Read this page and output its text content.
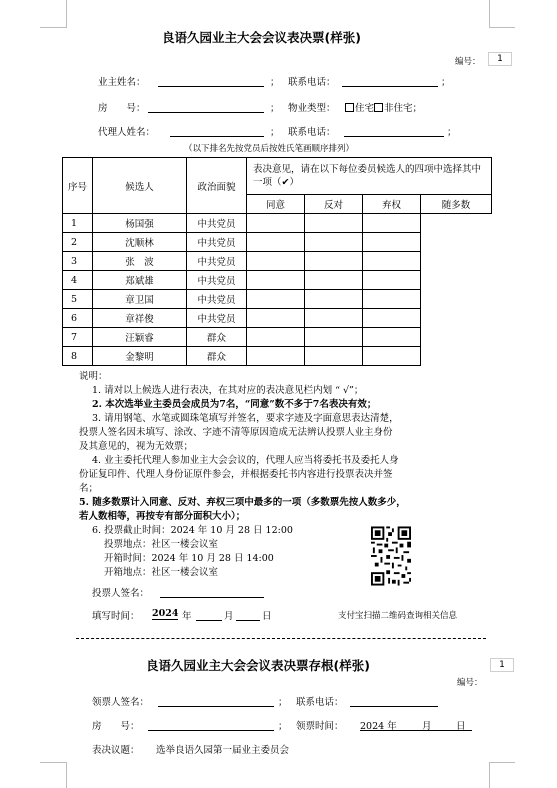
良语久园业主大会会议表决票(样张)
编号：	1
业主姓名：	； 联系电话：	；
房　　号：	； 物业类型：	住宅 非住宅；
代理人姓名：	； 联系电话：	；
（以下排名先按党员后按姓氏笔画顺序排列）
序号	候选人	政治面貌	表决意见，请在以下每位委员候选人的四项中选择其中一项（✔）			
			同意	反对	弃权	随多数
1	杨国强	中共党员				
2	沈顺林	中共党员				
3	张　波	中共党员				
4	郑斌雄	中共党员				
5	章卫国	中共党员				
6	章祥俊	中共党员				
7	汪颖睿	群众				
8	金黎明	群众				
说明：
1. 请对以上候选人进行表决，在其对应的表决意见栏内划 “ √”；
2. 本次选举业主委员会成员为7名，“同意”数不多于7名表决有效；
3. 请用钢笔、水笔或圆珠笔填写并签名，要求字迹及字面意思表达清楚，
投票人签名因未填写、涂改、字迹不清等原因造成无法辨认投票人业主身份
及其意见的，视为无效票；
4. 业主委托代理人参加业主大会会议的，代理人应当将委托书及委托人身
份证复印件、代理人身份证原件参会，并根据委托书内容进行投票表决并签
名；
5. 随多数票计入同意、反对、弃权三项中最多的一项（多数票先按人数多少，
若人数相等，再按专有部分面积大小）；
6. 投票截止时间：2024 年 10 月 28 日 12:00
投票地点：社区一楼会议室
开箱时间：2024 年 10 月 28 日 14:00
开箱地点：社区一楼会议室
投票人签名：
填写时间： 2024 年	月	日	支付宝扫描二维码查询相关信息
良语久园业主大会会议表决票存根(样张)	1
编号：
领票人签名：	； 联系电话：
房　　号：	； 领票时间： 2024 年	月	日
表决议题： 选举良语久园第一届业主委员会
